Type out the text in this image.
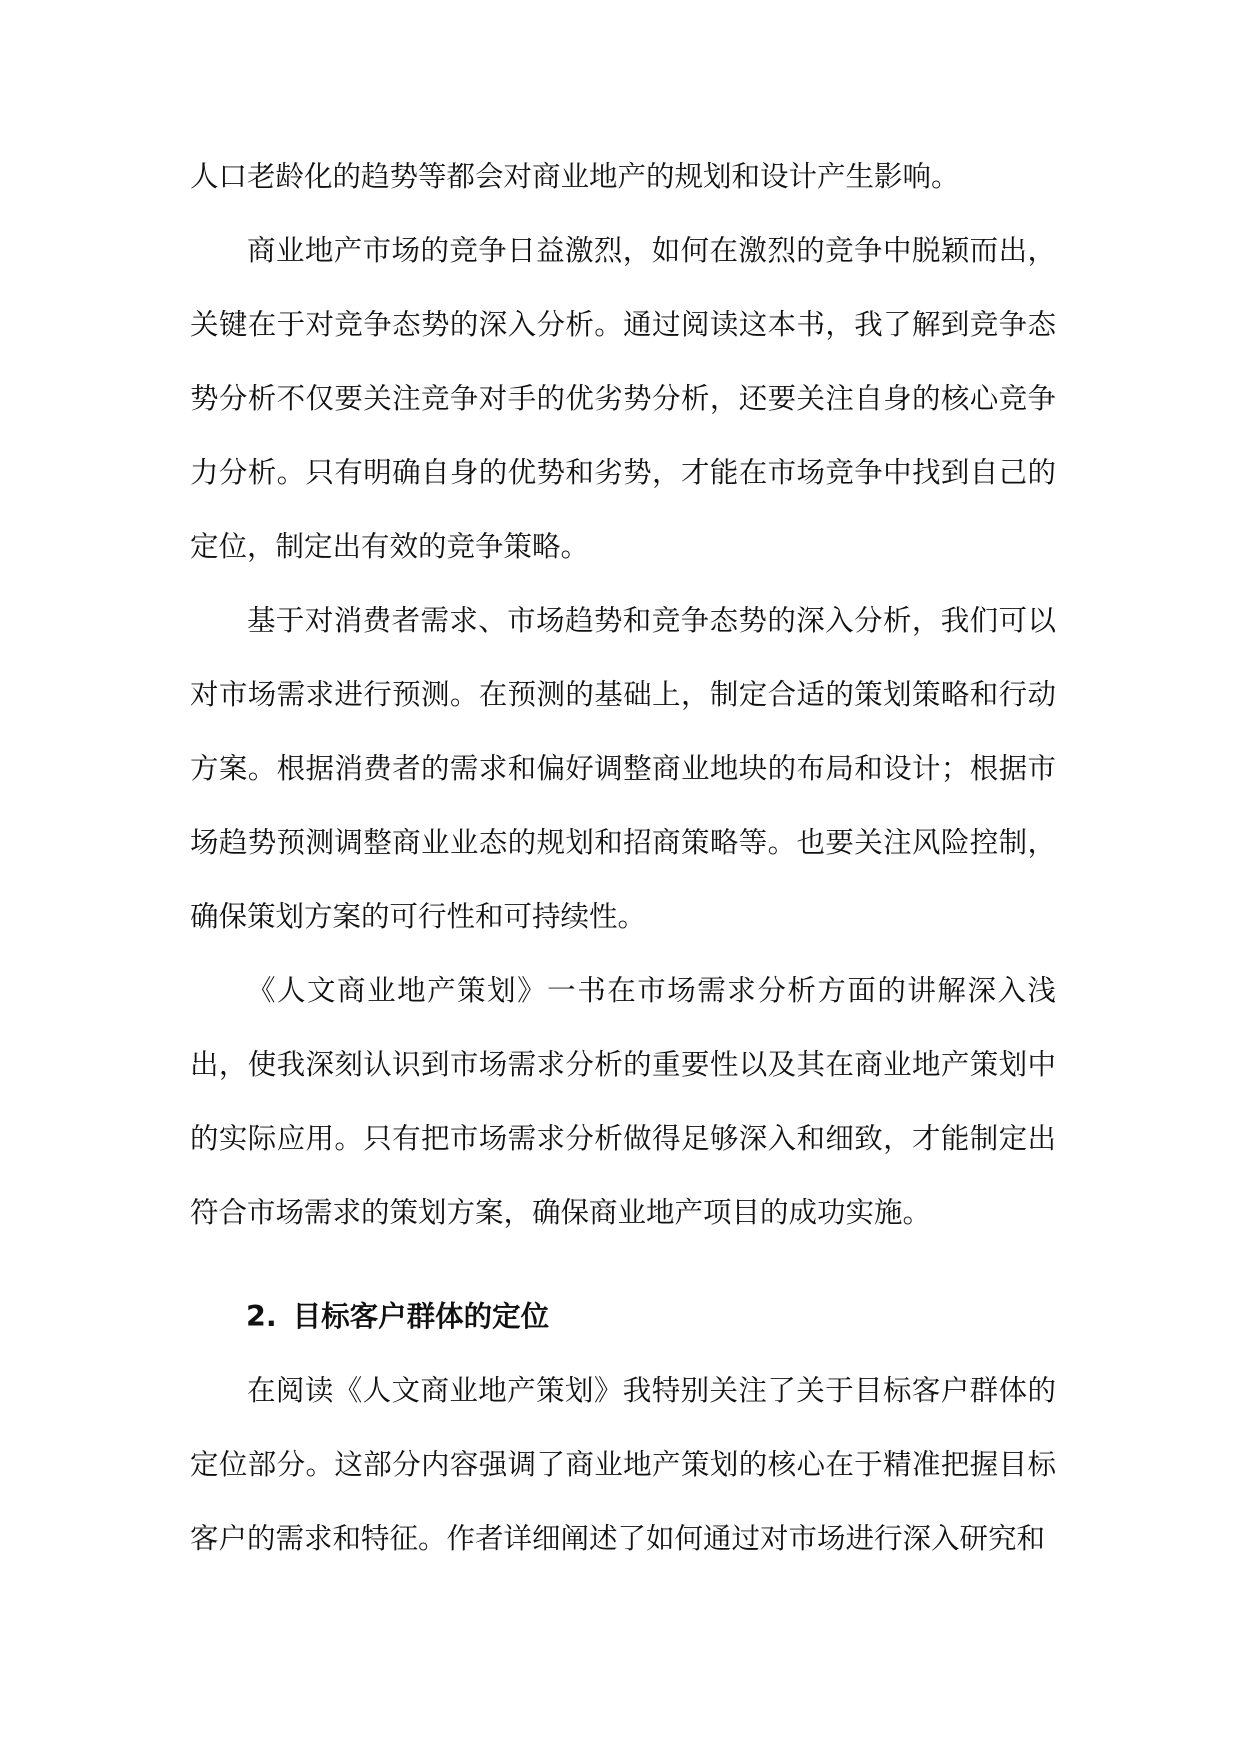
人口老龄化的趋势等都会对商业地产的规划和设计产生影响。

商业地产市场的竞争日益激烈，如何在激烈的竞争中脱颖而出，关键在于对竞争态势的深入分析。通过阅读这本书，我了解到竞争态势分析不仅要关注竞争对手的优劣势分析，还要关注自身的核心竞争力分析。只有明确自身的优势和劣势，才能在市场竞争中找到自己的定位，制定出有效的竞争策略。

基于对消费者需求、市场趋势和竞争态势的深入分析，我们可以对市场需求进行预测。在预测的基础上，制定合适的策划策略和行动方案。根据消费者的需求和偏好调整商业地块的布局和设计；根据市场趋势预测调整商业业态的规划和招商策略等。也要关注风险控制，确保策划方案的可行性和可持续性。

《人文商业地产策划》一书在市场需求分析方面的讲解深入浅出，使我深刻认识到市场需求分析的重要性以及其在商业地产策划中的实际应用。只有把市场需求分析做得足够深入和细致，才能制定出符合市场需求的策划方案，确保商业地产项目的成功实施。

2. 目标客户群体的定位

在阅读《人文商业地产策划》我特别关注了关于目标客户群体的定位部分。这部分内容强调了商业地产策划的核心在于精准把握目标客户的需求和特征。作者详细阐述了如何通过对市场进行深入研究和
